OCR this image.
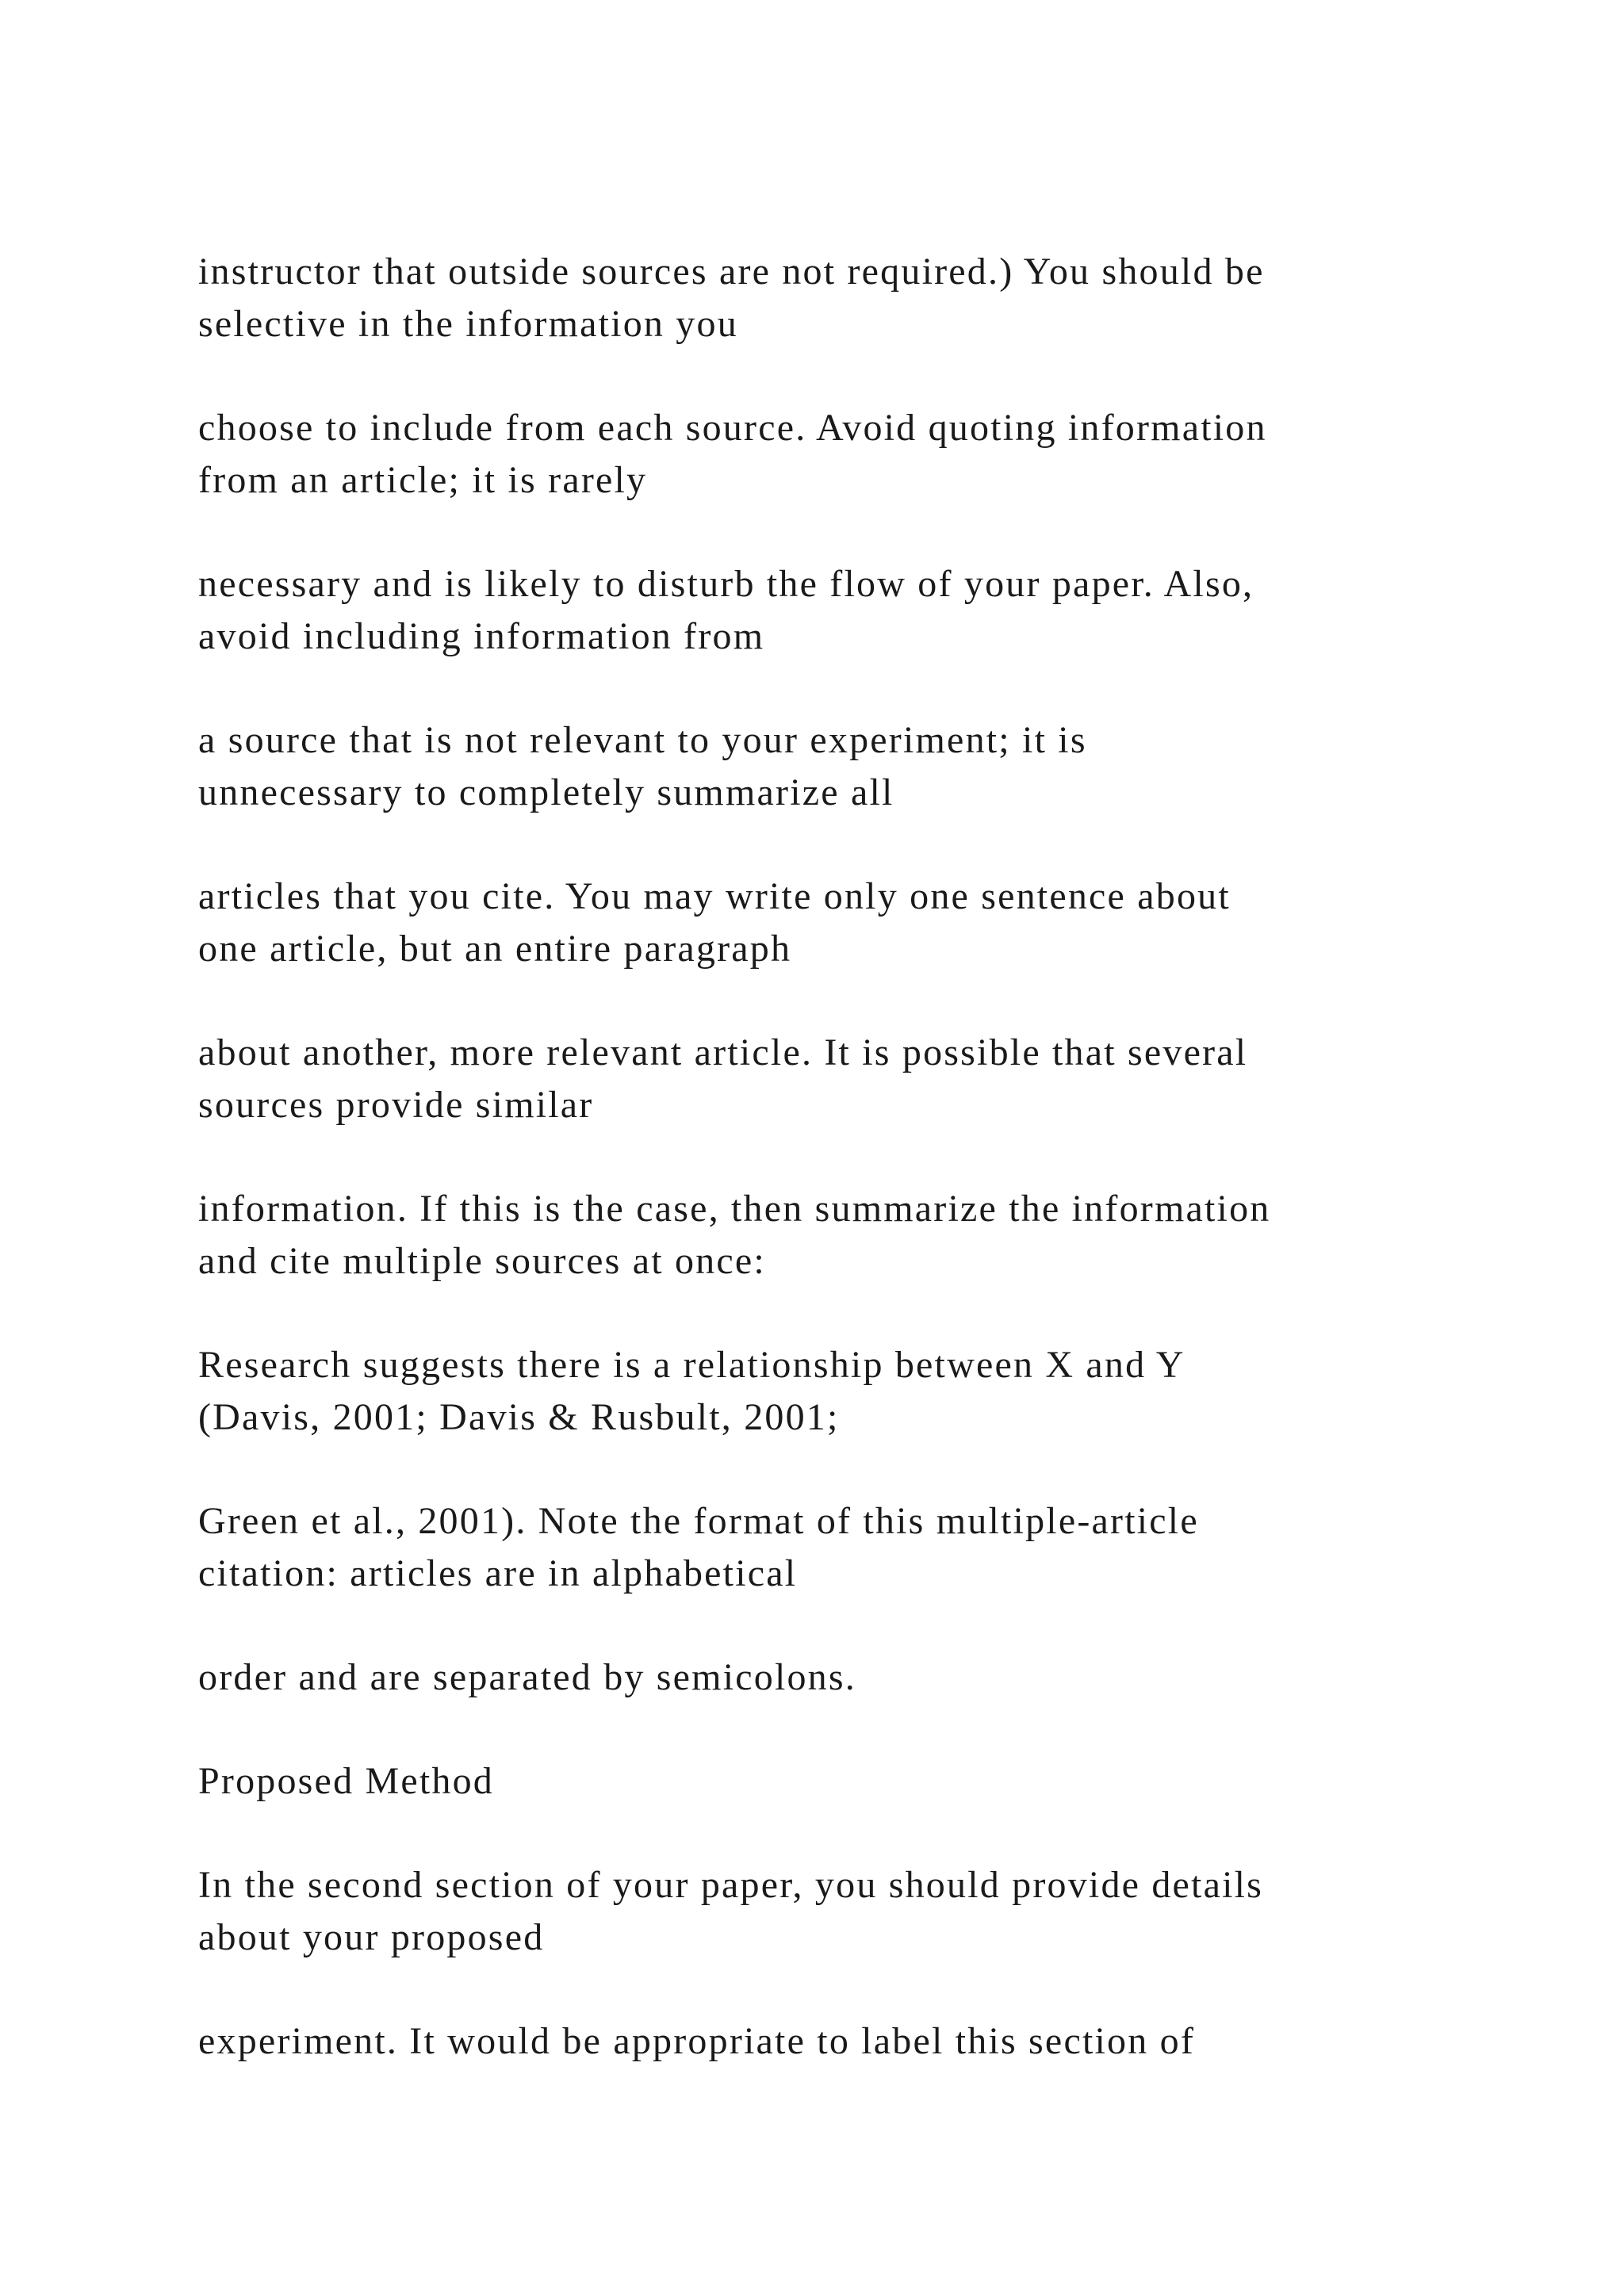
instructor that outside sources are not required.) You should be
selective in the information you

choose to include from each source. Avoid quoting information
from an article; it is rarely

necessary and is likely to disturb the flow of your paper. Also,
avoid including information from

a source that is not relevant to your experiment; it is
unnecessary to completely summarize all

articles that you cite. You may write only one sentence about
one article, but an entire paragraph

about another, more relevant article. It is possible that several
sources provide similar

information. If this is the case, then summarize the information
and cite multiple sources at once:

Research suggests there is a relationship between X and Y
(Davis, 2001; Davis & Rusbult, 2001;

Green et al., 2001). Note the format of this multiple-article
citation: articles are in alphabetical

order and are separated by semicolons.

Proposed Method

In the second section of your paper, you should provide details
about your proposed

experiment. It would be appropriate to label this section of
